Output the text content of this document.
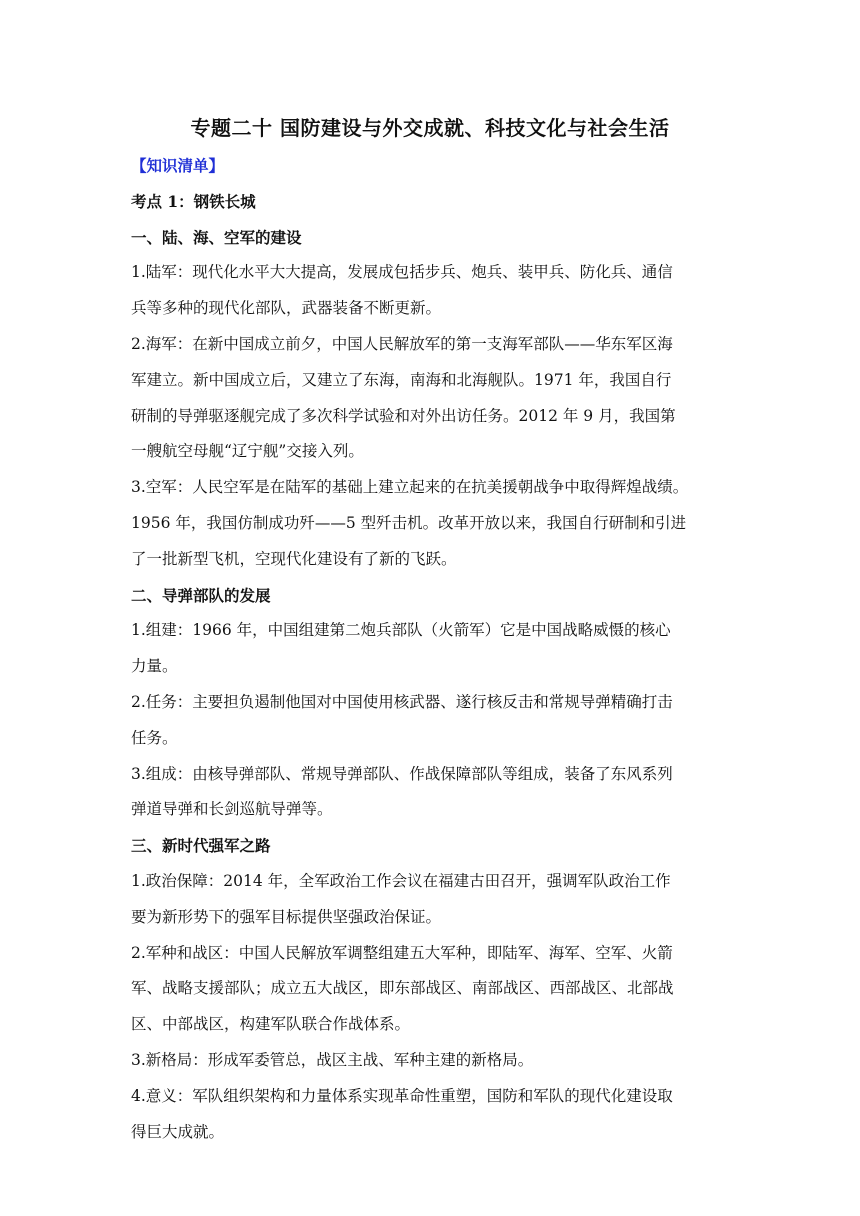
专题二十 国防建设与外交成就、科技文化与社会生活
【知识清单】
考点 1：钢铁长城
一、陆、海、空军的建设
1.陆军：现代化水平大大提高，发展成包括步兵、炮兵、装甲兵、防化兵、通信
兵等多种的现代化部队，武器装备不断更新。
2.海军：在新中国成立前夕，中国人民解放军的第一支海军部队——华东军区海
军建立。新中国成立后，又建立了东海，南海和北海舰队。1971 年，我国自行
研制的导弹驱逐舰完成了多次科学试验和对外出访任务。2012 年 9 月，我国第
一艘航空母舰“辽宁舰”交接入列。
3.空军：人民空军是在陆军的基础上建立起来的在抗美援朝战争中取得辉煌战绩。
1956 年，我国仿制成功歼——5 型歼击机。改革开放以来，我国自行研制和引进
了一批新型飞机，空现代化建设有了新的飞跃。
二、导弹部队的发展
1.组建：1966 年，中国组建第二炮兵部队（火箭军）它是中国战略威慑的核心
力量。
2.任务：主要担负遏制他国对中国使用核武器、遂行核反击和常规导弹精确打击
任务。
3.组成：由核导弹部队、常规导弹部队、作战保障部队等组成，装备了东风系列
弹道导弹和长剑巡航导弹等。
三、新时代强军之路
1.政治保障：2014 年，全军政治工作会议在福建古田召开，强调军队政治工作
要为新形势下的强军目标提供坚强政治保证。
2.军种和战区：中国人民解放军调整组建五大军种，即陆军、海军、空军、火箭
军、战略支援部队；成立五大战区，即东部战区、南部战区、西部战区、北部战
区、中部战区，构建军队联合作战体系。
3.新格局：形成军委管总，战区主战、军种主建的新格局。
4.意义：军队组织架构和力量体系实现革命性重塑，国防和军队的现代化建设取
得巨大成就。
